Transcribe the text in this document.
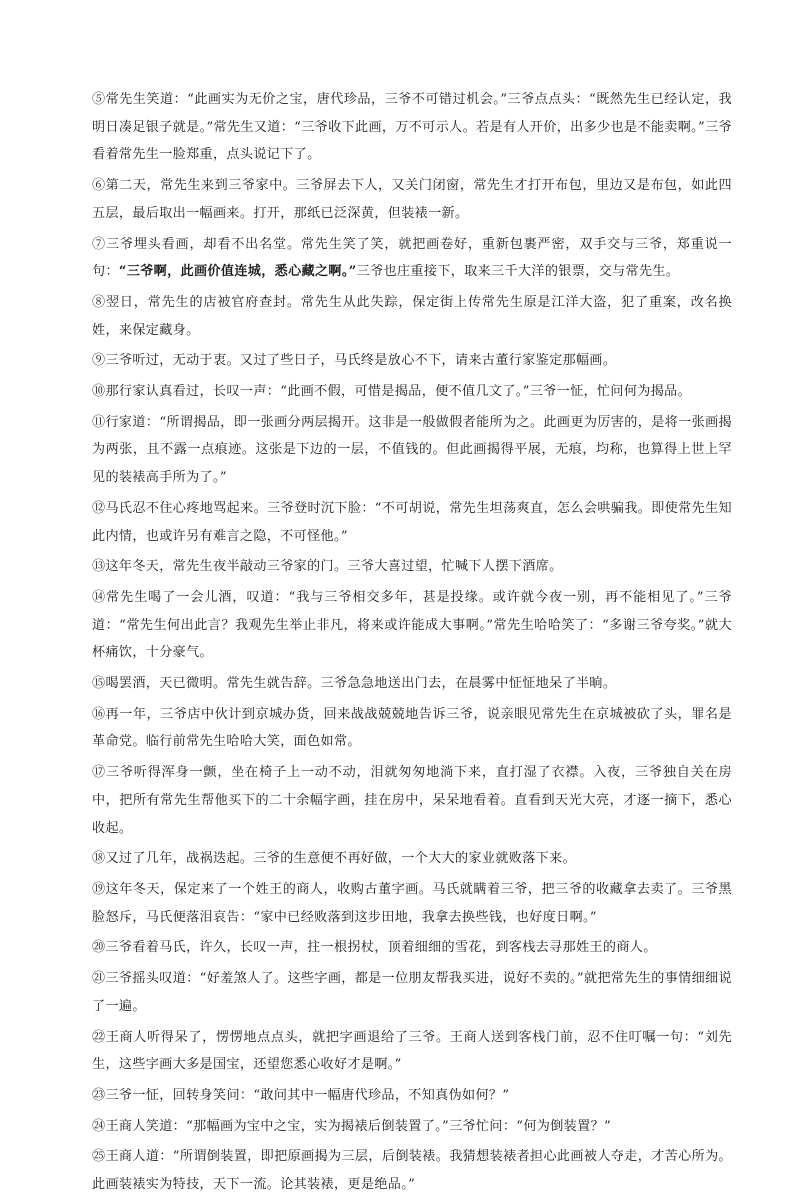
⑤常先生笑道：“此画实为无价之宝，唐代珍品，三爷不可错过机会。”三爷点点头：“既然先生已经认定，我明日凑足银子就是。”常先生又道：“三爷收下此画，万不可示人。若是有人开价，出多少也是不能卖啊。”三爷看着常先生一脸郑重，点头说记下了。

⑥第二天，常先生来到三爷家中。三爷屏去下人，又关门闭窗，常先生才打开布包，里边又是布包，如此四五层，最后取出一幅画来。打开，那纸已泛深黄，但装裱一新。

⑦三爷埋头看画，却看不出名堂。常先生笑了笑，就把画卷好，重新包裹严密，双手交与三爷，郑重说一句：“三爷啊，此画价值连城，悉心藏之啊。”三爷也庄重接下，取来三千大洋的银票，交与常先生。

⑧翌日，常先生的店被官府查封。常先生从此失踪，保定街上传常先生原是江洋大盗，犯了重案，改名换姓，来保定藏身。

⑨三爷听过，无动于衷。又过了些日子，马氏终是放心不下，请来古董行家鉴定那幅画。

⑩那行家认真看过，长叹一声：“此画不假，可惜是揭品，便不值几文了。”三爷一怔，忙问何为揭品。

⑪行家道：“所谓揭品，即一张画分两层揭开。这非是一般做假者能所为之。此画更为厉害的，是将一张画揭为两张，且不露一点痕迹。这张是下边的一层，不值钱的。但此画揭得平展，无痕，均称，也算得上世上罕见的装裱高手所为了。”

⑫马氏忍不住心疼地骂起来。三爷登时沉下脸：“不可胡说，常先生坦荡爽直，怎么会哄骗我。即使常先生知此内情，也或许另有难言之隐，不可怪他。”

⑬这年冬天，常先生夜半敲动三爷家的门。三爷大喜过望，忙喊下人摆下酒席。

⑭常先生喝了一会儿酒，叹道：“我与三爷相交多年，甚是投缘。或许就今夜一别，再不能相见了。”三爷道：“常先生何出此言？我观先生举止非凡，将来或许能成大事啊。”常先生哈哈笑了：“多谢三爷夸奖。”就大杯痛饮，十分豪气。

⑮喝罢酒，天已微明。常先生就告辞。三爷急急地送出门去，在晨雾中怔怔地呆了半晌。

⑯再一年，三爷店中伙计到京城办货，回来战战兢兢地告诉三爷，说亲眼见常先生在京城被砍了头，罪名是革命党。临行前常先生哈哈大笑，面色如常。

⑰三爷听得浑身一颤，坐在椅子上一动不动，泪就匆匆地淌下来，直打湿了衣襟。入夜，三爷独自关在房中，把所有常先生帮他买下的二十余幅字画，挂在房中，呆呆地看着。直看到天光大亮，才逐一摘下，悉心收起。

⑱又过了几年，战祸迭起。三爷的生意便不再好做，一个大大的家业就败落下来。

⑲这年冬天，保定来了一个姓王的商人，收购古董字画。马氏就瞒着三爷，把三爷的收藏拿去卖了。三爷黑脸怒斥，马氏便落泪哀告：“家中已经败落到这步田地，我拿去换些钱，也好度日啊。”

⑳三爷看着马氏，许久，长叹一声，拄一根拐杖，顶着细细的雪花，到客栈去寻那姓王的商人。

㉑三爷摇头叹道：“好羞煞人了。这些字画，都是一位朋友帮我买进，说好不卖的。”就把常先生的事情细细说了一遍。

㉒王商人听得呆了，愣愣地点点头，就把字画退给了三爷。王商人送到客栈门前，忍不住叮嘱一句：“刘先生，这些字画大多是国宝，还望您悉心收好才是啊。”

㉓三爷一怔，回转身笑问：“敢问其中一幅唐代珍品，不知真伪如何？”

㉔王商人笑道：“那幅画为宝中之宝，实为揭裱后倒装置了。”三爷忙问：“何为倒装置？”

㉕王商人道：“所谓倒装置，即把原画揭为三层，后倒装裱。我猜想装裱者担心此画被人夺走，才苦心所为。此画装裱实为特技，天下一流。论其装裱，更是绝品。”
